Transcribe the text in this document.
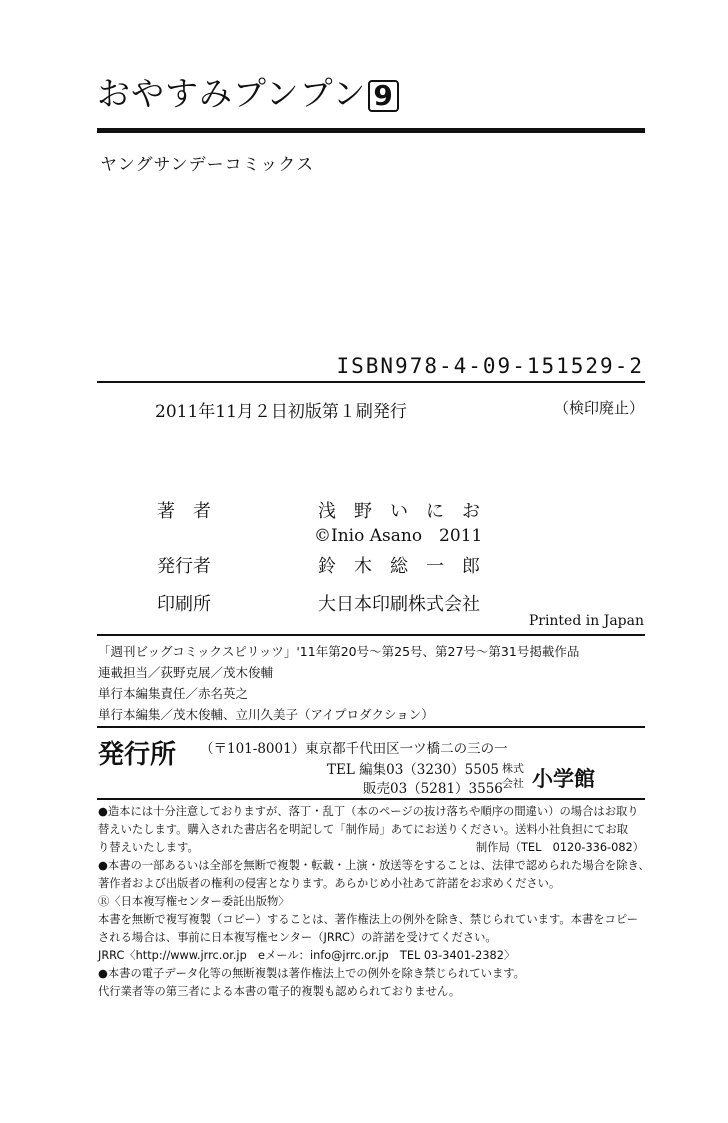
おやすみプンプン 9
ヤングサンデーコミックス
ISBN978-4-09-151529-2
2011年11月２日初版第１刷発行	（検印廃止）
著　者	浅　野　い　に　お
©Inio Asano　2011
発行者	鈴　木　総　一　郎
印刷所	大日本印刷株式会社
Printed in Japan
「週刊ビッグコミックスピリッツ」'11年第20号～第25号、第27号～第31号掲載作品
連載担当／荻野克展／茂木俊輔
単行本編集責任／赤名英之
単行本編集／茂木俊輔、立川久美子（アイプロダクション）
発行所 （〒101-8001）東京都千代田区一ツ橋二の三の一
TEL 編集03（3230）5505
販売03（5281）3556
株式
会社 小学館
●造本には十分注意しておりますが、落丁・乱丁（本のページの抜け落ちや順序の間違い）の場合はお取り
替えいたします。購入された書店名を明記して「制作局」あてにお送りください。送料小社負担にてお取
り替えいたします。	制作局（TEL　0120-336-082）
●本書の一部あるいは全部を無断で複製・転載・上演・放送等をすることは、法律で認められた場合を除き、
著作者および出版者の権利の侵害となります。あらかじめ小社あて許諾をお求めください。
Ⓡ〈日本複写権センター委託出版物〉
本書を無断で複写複製（コピー）することは、著作権法上の例外を除き、禁じられています。本書をコピー
される場合は、事前に日本複写権センター（JRRC）の許諾を受けてください。
JRRC〈http://www.jrrc.or.jp　eメール：info@jrrc.or.jp　TEL 03-3401-2382〉
●本書の電子データ化等の無断複製は著作権法上での例外を除き禁じられています。
代行業者等の第三者による本書の電子的複製も認められておりません。
